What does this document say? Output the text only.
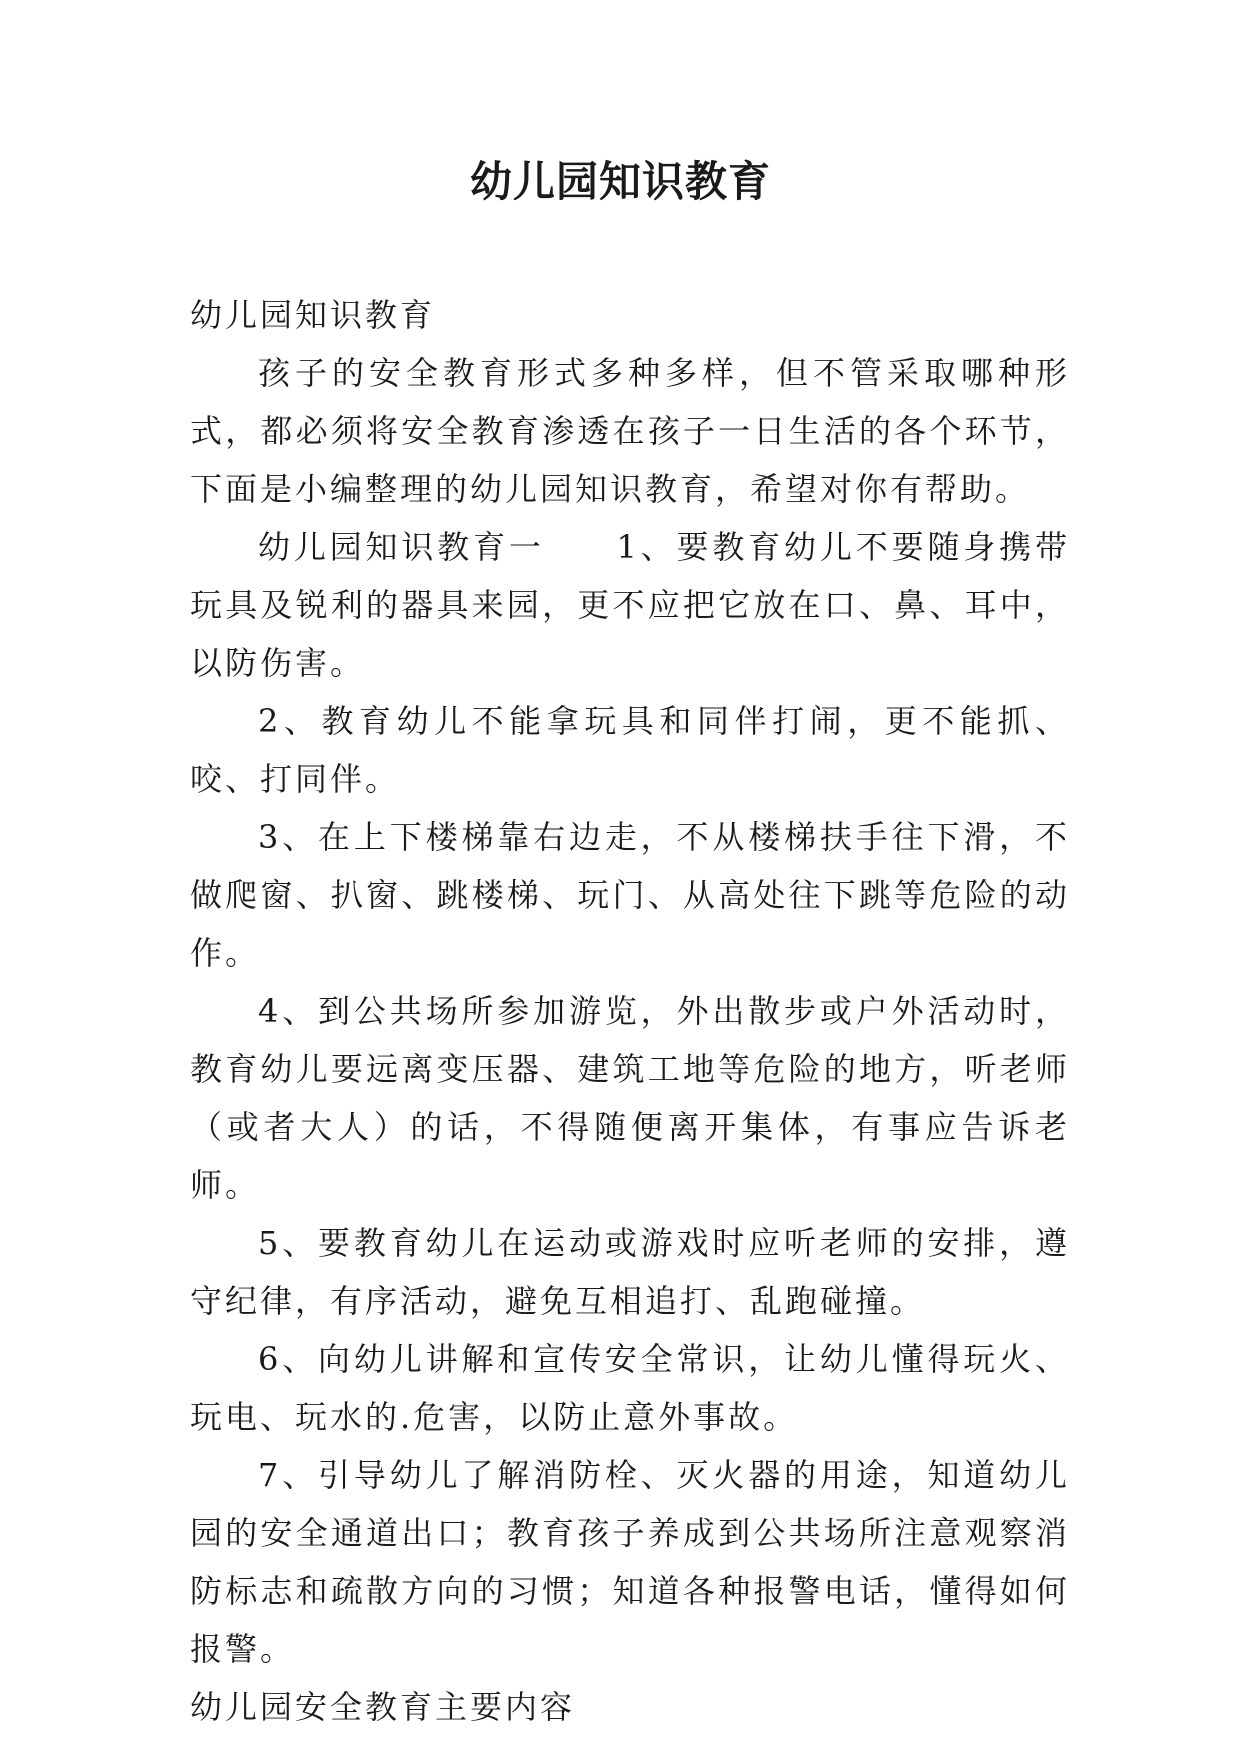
幼儿园知识教育

幼儿园知识教育

孩子的安全教育形式多种多样，但不管采取哪种形式，都必须将安全教育渗透在孩子一日生活的各个环节，下面是小编整理的幼儿园知识教育，希望对你有帮助。

幼儿园知识教育一　　1、要教育幼儿不要随身携带玩具及锐利的器具来园，更不应把它放在口、鼻、耳中，以防伤害。

2、教育幼儿不能拿玩具和同伴打闹，更不能抓、咬、打同伴。

3、在上下楼梯靠右边走，不从楼梯扶手往下滑，不做爬窗、扒窗、跳楼梯、玩门、从高处往下跳等危险的动作。

4、到公共场所参加游览，外出散步或户外活动时，教育幼儿要远离变压器、建筑工地等危险的地方，听老师（或者大人）的话，不得随便离开集体，有事应告诉老师。

5、要教育幼儿在运动或游戏时应听老师的安排，遵守纪律，有序活动，避免互相追打、乱跑碰撞。

6、向幼儿讲解和宣传安全常识，让幼儿懂得玩火、玩电、玩水的.危害，以防止意外事故。

7、引导幼儿了解消防栓、灭火器的用途，知道幼儿园的安全通道出口；教育孩子养成到公共场所注意观察消防标志和疏散方向的习惯；知道各种报警电话，懂得如何报警。

幼儿园安全教育主要内容
